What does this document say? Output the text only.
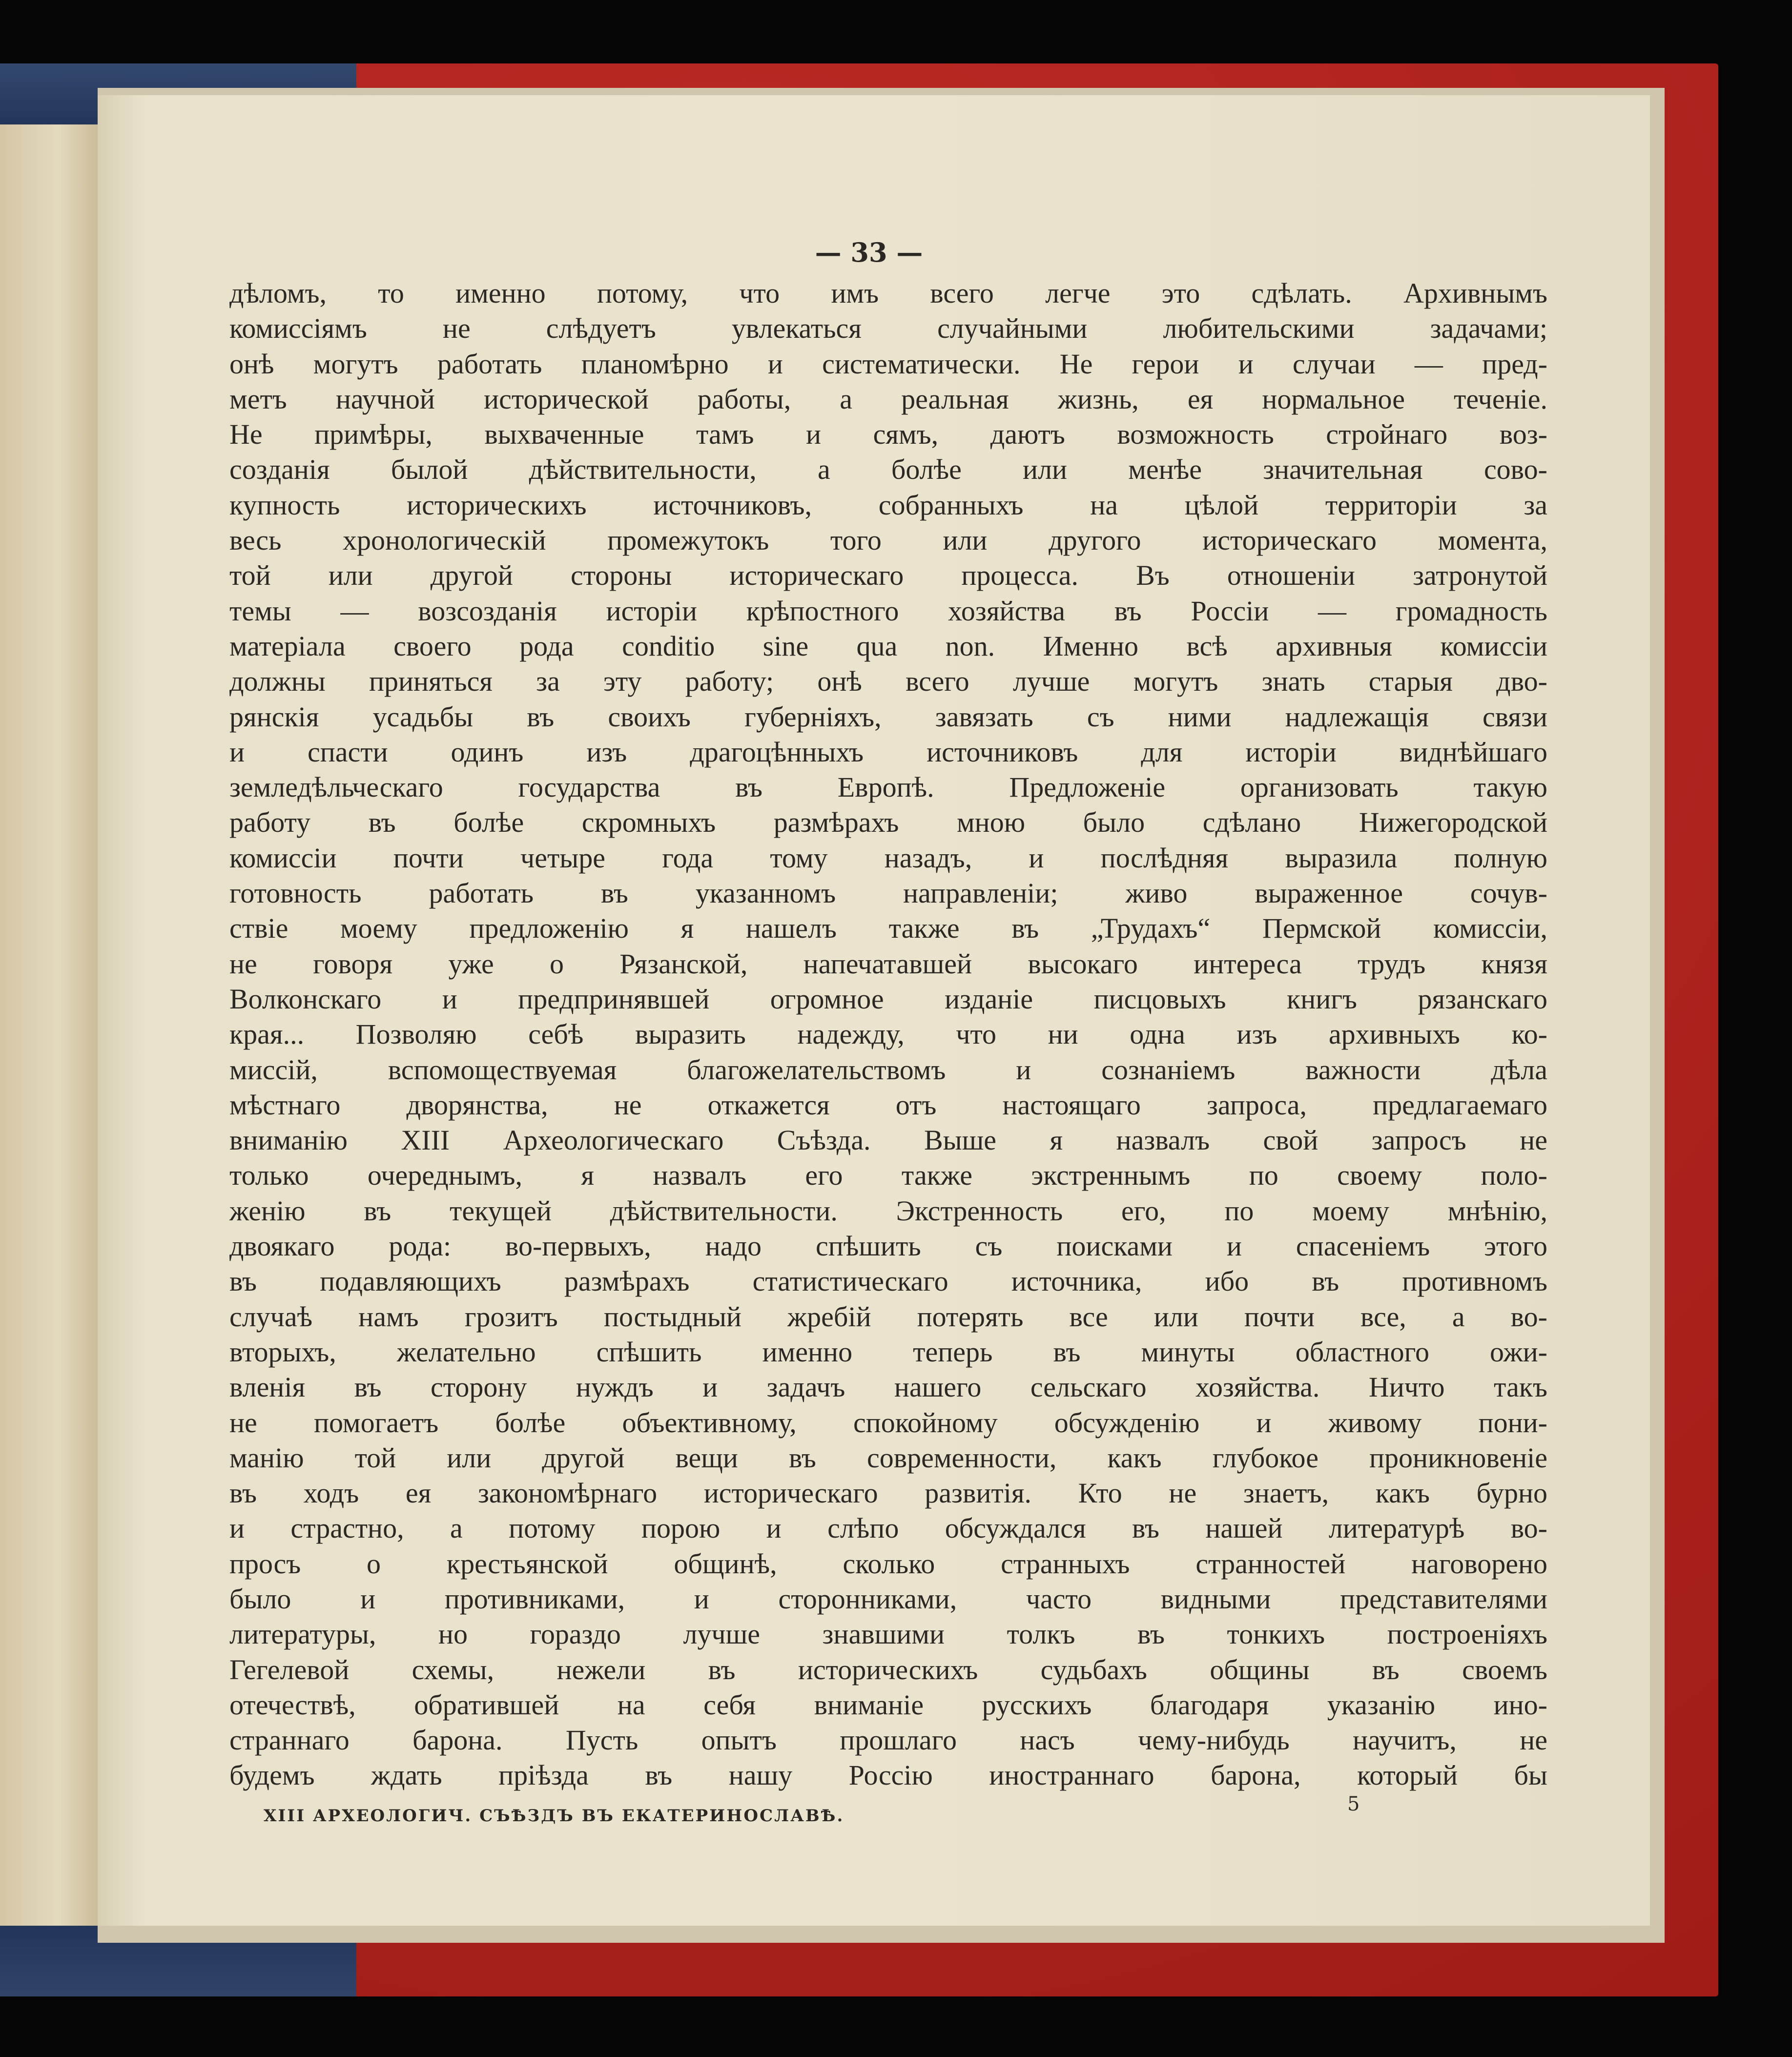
— 33 —
дѣломъ, то именно потому, что имъ всего легче это сдѣлать. Архивнымъ
комиссіямъ не слѣдуетъ увлекаться случайными любительскими задачами;
онѣ могутъ работать планомѣрно и систематически. Не герои и случаи — пред-
метъ научной исторической работы, а реальная жизнь, ея нормальное теченіе.
Не примѣры, выхваченные тамъ и сямъ, даютъ возможность стройнаго воз-
созданія былой дѣйствительности, а болѣе или менѣе значительная сово-
купность историческихъ источниковъ, собранныхъ на цѣлой территоріи за
весь хронологическій промежутокъ того или другого историческаго момента,
той или другой стороны историческаго процесса. Въ отношеніи затронутой
темы — возсозданія исторіи крѣпостного хозяйства въ Россіи — громадность
матеріала своего рода conditio sine qua non. Именно всѣ архивныя комиссіи
должны приняться за эту работу; онѣ всего лучше могутъ знать старыя дво-
рянскія усадьбы въ своихъ губерніяхъ, завязать съ ними надлежащія связи
и спасти одинъ изъ драгоцѣнныхъ источниковъ для исторіи виднѣйшаго
земледѣльческаго государства въ Европѣ. Предложеніе организовать такую
работу въ болѣе скромныхъ размѣрахъ мною было сдѣлано Нижегородской
комиссіи почти четыре года тому назадъ, и послѣдняя выразила полную
готовность работать въ указанномъ направленіи; живо выраженное сочув-
ствіе моему предложенію я нашелъ также въ „Трудахъ“ Пермской комиссіи,
не говоря уже о Рязанской, напечатавшей высокаго интереса трудъ князя
Волконскаго и предпринявшей огромное изданіе писцовыхъ книгъ рязанскаго
края... Позволяю себѣ выразить надежду, что ни одна изъ архивныхъ ко-
миссій, вспомоществуемая благожелательствомъ и сознаніемъ важности дѣла
мѣстнаго дворянства, не откажется отъ настоящаго запроса, предлагаемаго
вниманію XIII Археологическаго Съѣзда. Выше я назвалъ свой запросъ не
только очереднымъ, я назвалъ его также экстреннымъ по своему поло-
женію въ текущей дѣйствительности. Экстренность его, по моему мнѣнію,
двоякаго рода: во-первыхъ, надо спѣшить съ поисками и спасеніемъ этого
въ подавляющихъ размѣрахъ статистическаго источника, ибо въ противномъ
случаѣ намъ грозитъ постыдный жребій потерять все или почти все, а во-
вторыхъ, желательно спѣшить именно теперь въ минуты областного ожи-
вленія въ сторону нуждъ и задачъ нашего сельскаго хозяйства. Ничто такъ
не помогаетъ болѣе объективному, спокойному обсужденію и живому пони-
манію той или другой вещи въ современности, какъ глубокое проникновеніе
въ ходъ ея закономѣрнаго историческаго развитія. Кто не знаетъ, какъ бурно
и страстно, а потому порою и слѣпо обсуждался въ нашей литературѣ во-
просъ о крестьянской общинѣ, сколько странныхъ странностей наговорено
было и противниками, и сторонниками, часто видными представителями
литературы, но гораздо лучше знавшими толкъ въ тонкихъ построеніяхъ
Гегелевой схемы, нежели въ историческихъ судьбахъ общины въ своемъ
отечествѣ, обратившей на себя вниманіе русскихъ благодаря указанію ино-
страннаго барона. Пусть опытъ прошлаго насъ чему-нибудь научитъ, не
будемъ ждать пріѣзда въ нашу Россію иностраннаго барона, который бы
XIII АРХЕОЛОГИЧ. СЪѢЗДЪ ВЪ ЕКАТЕРИНОСЛАВѢ.
5
